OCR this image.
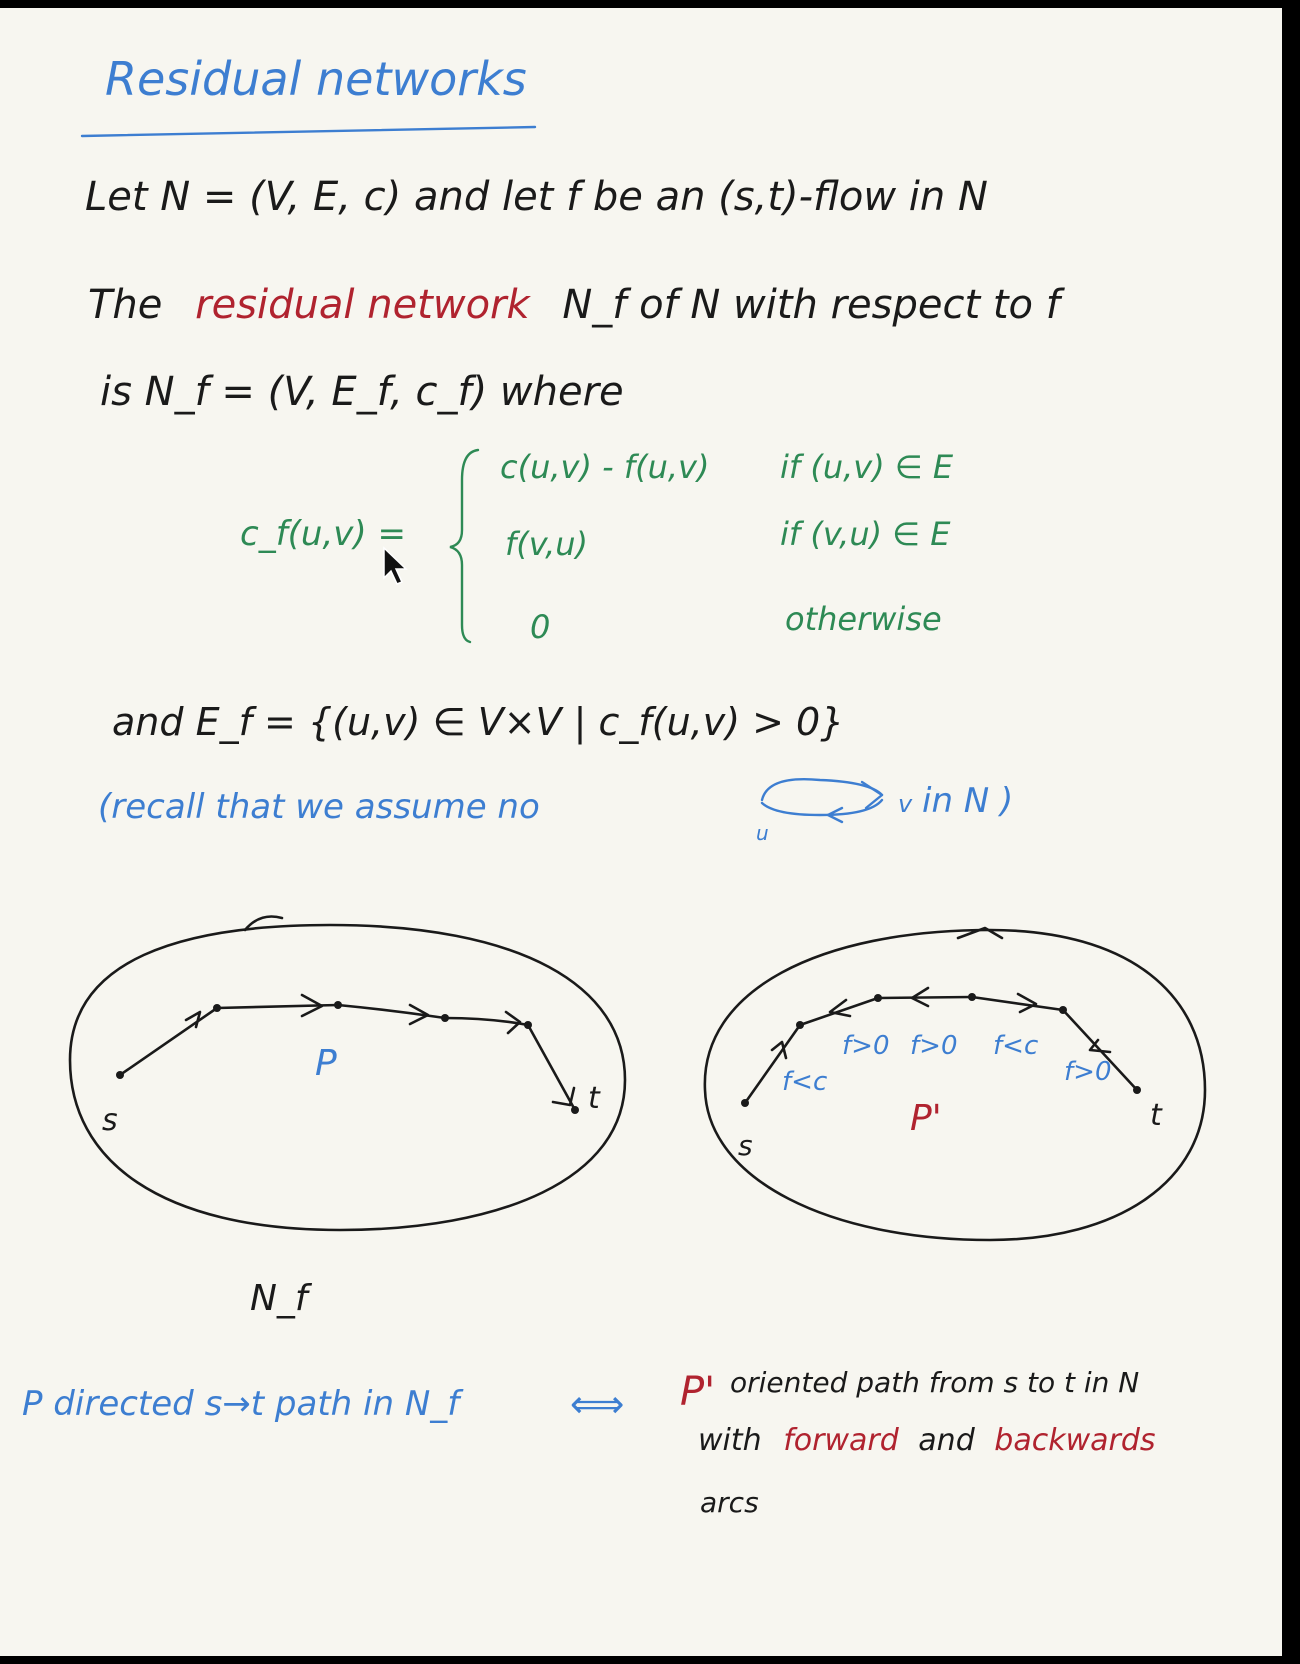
Residual networks
Let N = (V, E, c) and let f be an (s,t)-flow in N
The residual network N_f of N with respect to f
is N_f = (V, E_f, c_f) where
c_f(u,v) =
c(u,v) - f(u,v) if (u,v) ∈ E
f(v,u)	if (v,u) ∈ E
0	otherwise
and E_f = {(u,v) ∈ V×V | c_f(u,v) > 0}
(recall that we assume no
u
v in N )
s
t
P
N_f
s
t
f<c
f>0 f>0 f<c
f>0
P'
P directed s→t path in N_f	⟺ P' oriented path from s to t in N
with forward and backwards
arcs
